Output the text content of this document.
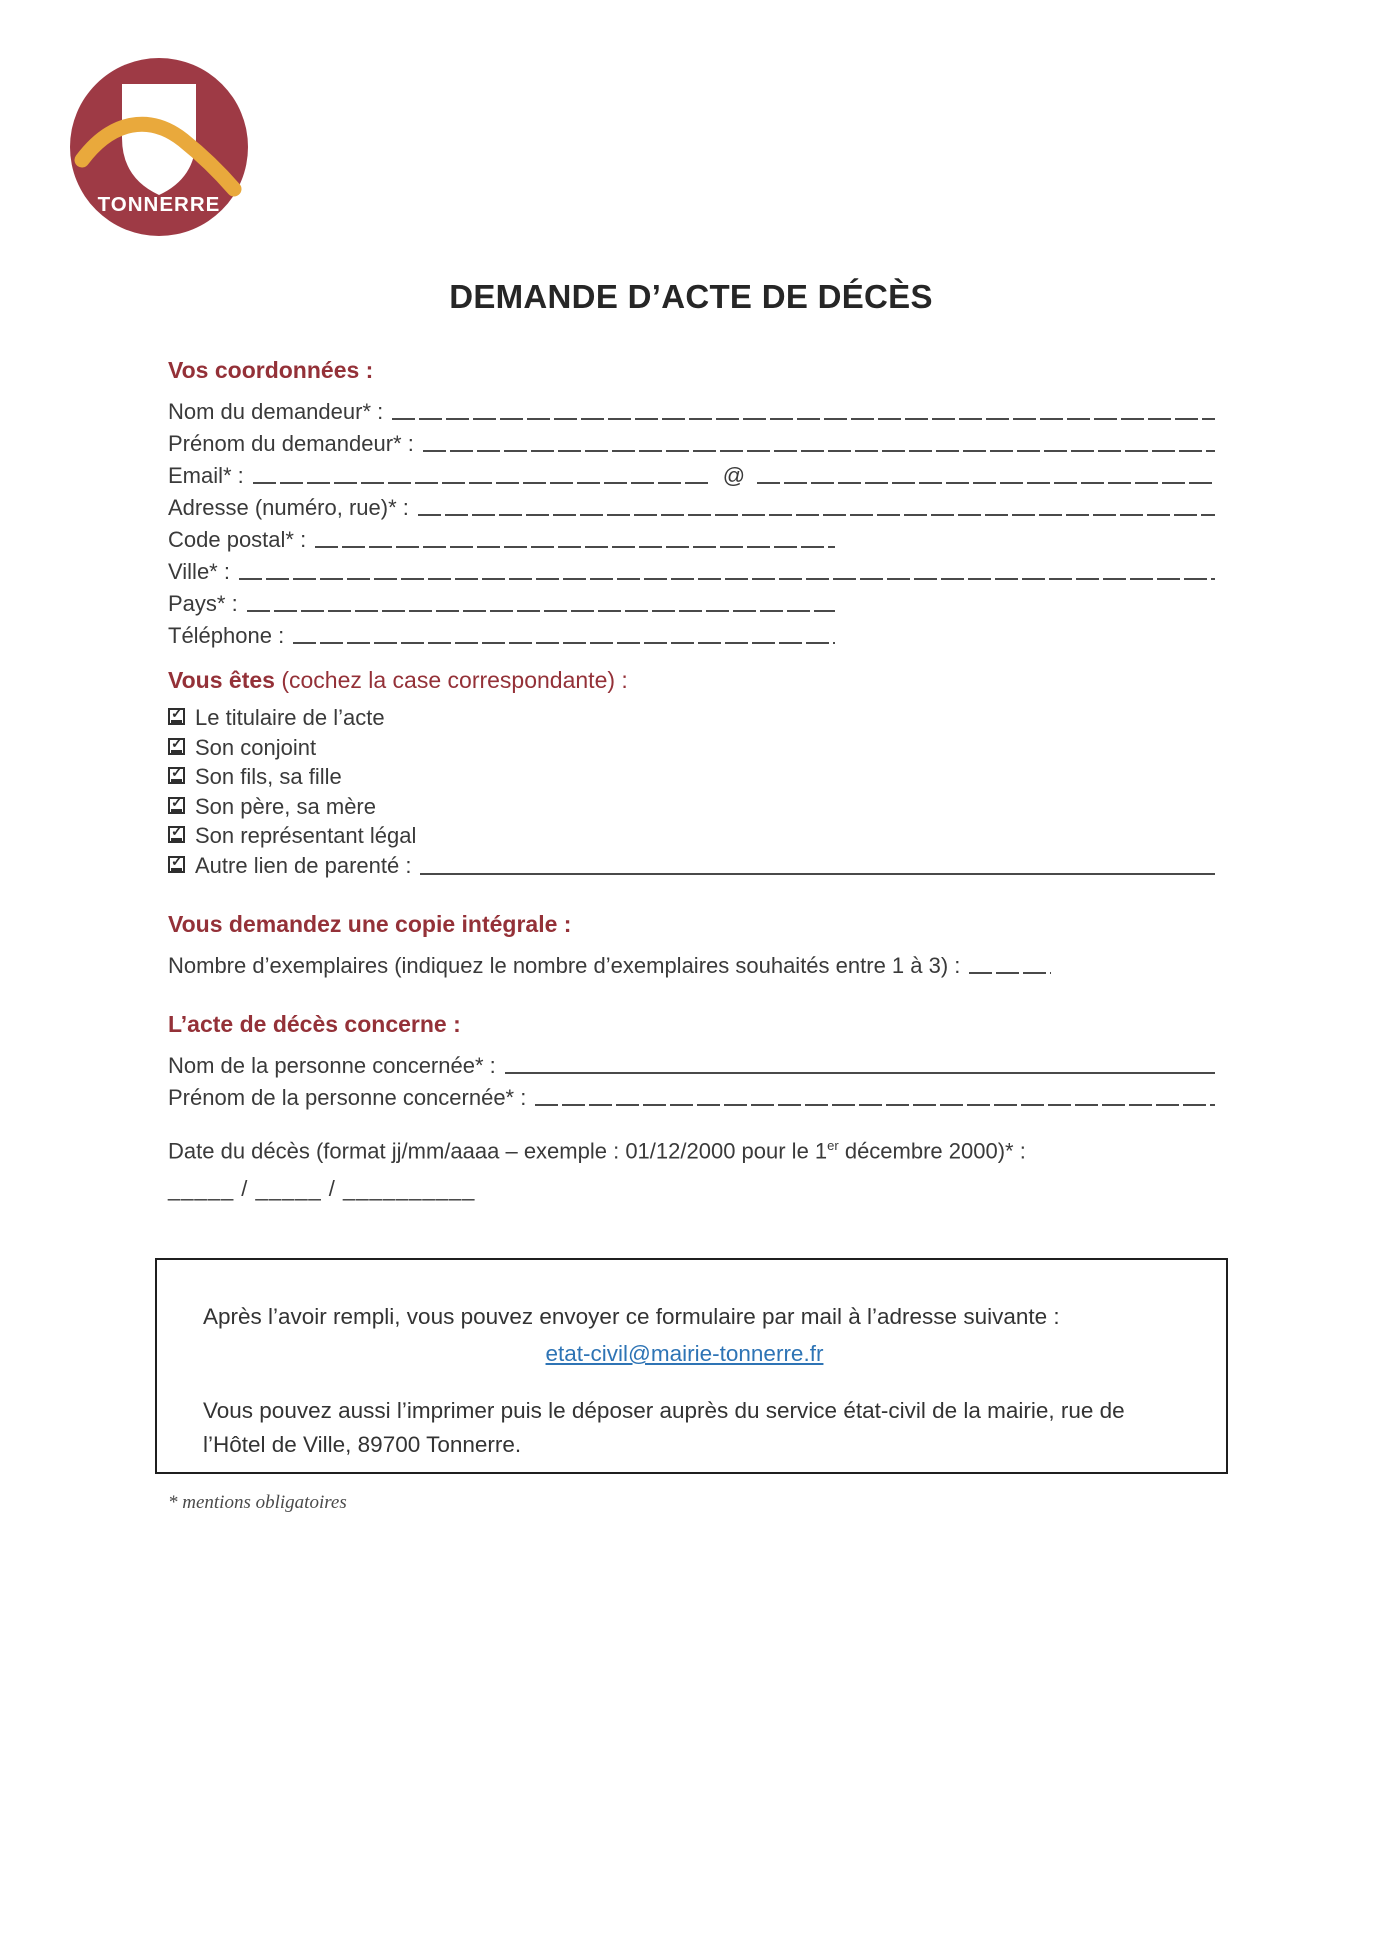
TONNERRE
DEMANDE D’ACTE DE DÉCÈS
Vos coordonnées :
Nom du demandeur* :
Prénom du demandeur* :
Email* :	@
Adresse (numéro, rue)* :
Code postal* :
Ville* :
Pays* :
Téléphone :
Vous êtes (cochez la case correspondante) :
✓
Le titulaire de l’acte
✓
Son conjoint
✓
Son fils, sa fille
✓
Son père, sa mère
✓
Son représentant légal
✓
Autre lien de parenté :
Vous demandez une copie intégrale :
Nombre d’exemplaires (indiquez le nombre d’exemplaires souhaités entre 1 à 3) :
L’acte de décès concerne :
Nom de la personne concernée* :
Prénom de la personne concernée* :
Date du décès (format jj/mm/aaaa – exemple : 01/12/2000 pour le 1er décembre 2000)* :
_____ / _____ / __________
Après l’avoir rempli, vous pouvez envoyer ce formulaire par mail à l’adresse suivante :
etat-civil@mairie-tonnerre.fr
Vous pouvez aussi l’imprimer puis le déposer auprès du service état-civil de la mairie, rue de l’Hôtel de Ville, 89700 Tonnerre.
* mentions obligatoires
